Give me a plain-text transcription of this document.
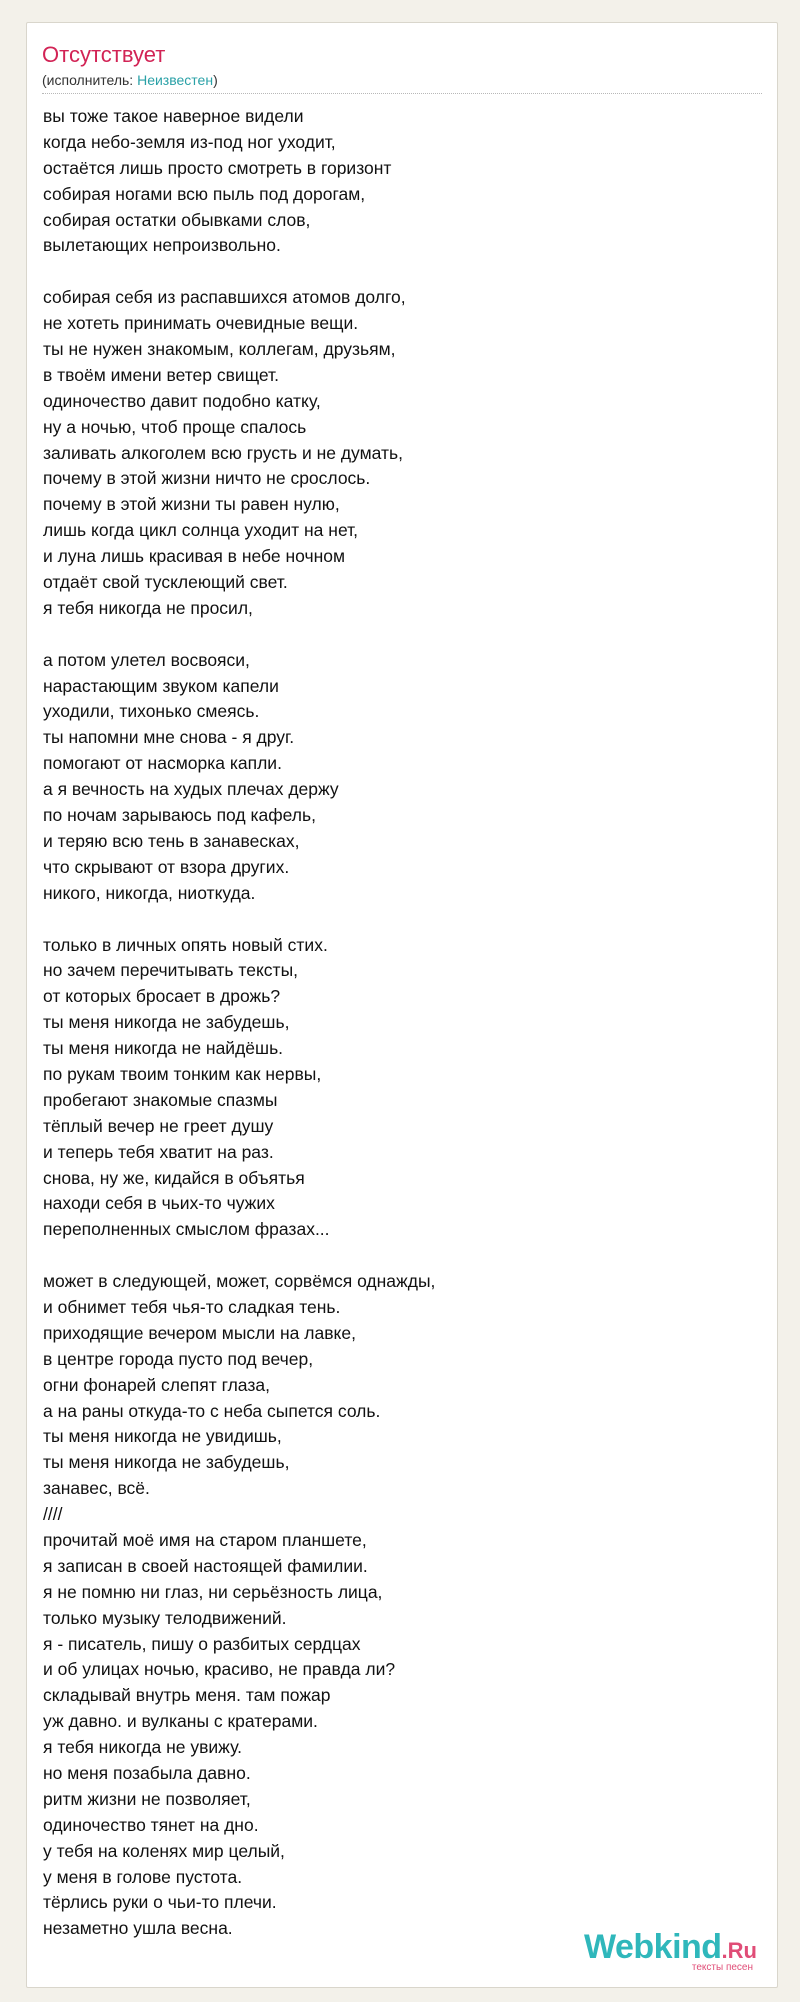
Отсутствует
(исполнитель: Неизвестен)
вы тоже такое наверное видели
когда небо-земля из-под ног уходит,
остаётся лишь просто смотреть в горизонт
собирая ногами всю пыль под дорогам,
собирая остатки обывками слов,
вылетающих непроизвольно.
собирая себя из распавшихся атомов долго,
не хотеть принимать очевидные вещи.
ты не нужен знакомым, коллегам, друзьям,
в твоём имени ветер свищет.
одиночество давит подобно катку,
ну а ночью, чтоб проще спалось
заливать алкоголем всю грусть и не думать,
почему в этой жизни ничто не срослось.
почему в этой жизни ты равен нулю,
лишь когда цикл солнца уходит на нет,
и луна лишь красивая в небе ночном
отдаёт свой тусклеющий свет.
я тебя никогда не просил,
а потом улетел восвояси,
нарастающим звуком капели
уходили, тихонько смеясь.
ты напомни мне снова - я друг.
помогают от насморка капли.
а я вечность на худых плечах держу
по ночам зарываюсь под кафель,
и теряю всю тень в занавесках,
что скрывают от взора других.
никого, никогда, ниоткуда.
только в личных опять новый стих.
но зачем перечитывать тексты,
от которых бросает в дрожь?
ты меня никогда не забудешь,
ты меня никогда не найдёшь.
по рукам твоим тонким как нервы,
пробегают знакомые спазмы
тёплый вечер не греет душу
и теперь тебя хватит на раз.
снова, ну же, кидайся в объятья
находи себя в чьих-то чужих
переполненных смыслом фразах...
может в следующей, может, сорвёмся однажды,
и обнимет тебя чья-то сладкая тень.
приходящие вечером мысли на лавке,
в центре города пусто под вечер,
огни фонарей слепят глаза,
а на раны откуда-то с неба сыпется соль.
ты меня никогда не увидишь,
ты меня никогда не забудешь,
занавес, всё.
////
прочитай моё имя на старом планшете,
я записан в своей настоящей фамилии.
я не помню ни глаз, ни серьёзность лица,
только музыку телодвижений.
я - писатель, пишу о разбитых сердцах
и об улицах ночью, красиво, не правда ли?
складывай внутрь меня. там пожар
уж давно. и вулканы с кратерами.
я тебя никогда не увижу.
но меня позабыла давно.
ритм жизни не позволяет,
одиночество тянет на дно.
у тебя на коленях мир целый,
у меня в голове пустота.
тёрлись руки о чьи-то плечи.
незаметно ушла весна.	Webkind.Ru
тексты песен
